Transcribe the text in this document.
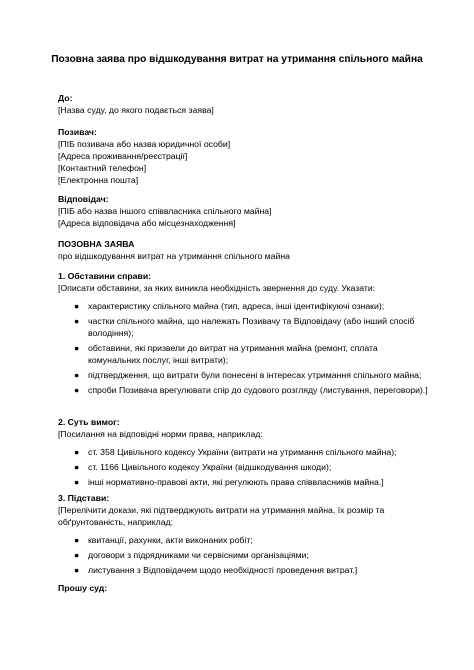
Позовна заява про відшкодування витрат на утримання спільного майна
До:
[Назва суду, до якого подається заява]
Позивач:
[ПІБ позивача або назва юридичної особи]
[Адреса проживання/реєстрації]
[Контактний телефон]
[Електронна пошта]
Відповідач:
[ПІБ або назва іншого співвласника спільного майна]
[Адреса відповідача або місцезнаходження]
ПОЗОВНА ЗАЯВА
про відшкодування витрат на утримання спільного майна
1. Обставини справи:
[Описати обставини, за яких виникла необхідність звернення до суду. Указати:
● характеристику спільного майна (тип, адреса, інші ідентифікуючі ознаки);
● частки спільного майна, що належать Позивачу та Відповідачу (або інший спосіб володіння);
● обставини, які призвели до витрат на утримання майна (ремонт, сплата комунальних послуг, інші витрати);
● підтвердження, що витрати були понесені в інтересах утримання спільного майна;
● спроби Позивача врегулювати спір до судового розгляду (листування, переговори).]
2. Суть вимог:
[Посилання на відповідні норми права, наприклад:
● ст. 358 Цивільного кодексу України (витрати на утримання спільного майна);
● ст. 1166 Цивільного кодексу України (відшкодування шкоди);
● інші нормативно-правові акти, які регулюють права співвласників майна.]
3. Підстави:
[Перелічити докази, які підтверджують витрати на утримання майна, їх розмір та обґрунтованість, наприклад:
● квитанції, рахунки, акти виконаних робіт;
● договори з підрядниками чи сервісними організаціями;
● листування з Відповідачем щодо необхідності проведення витрат.]
Прошу суд:
